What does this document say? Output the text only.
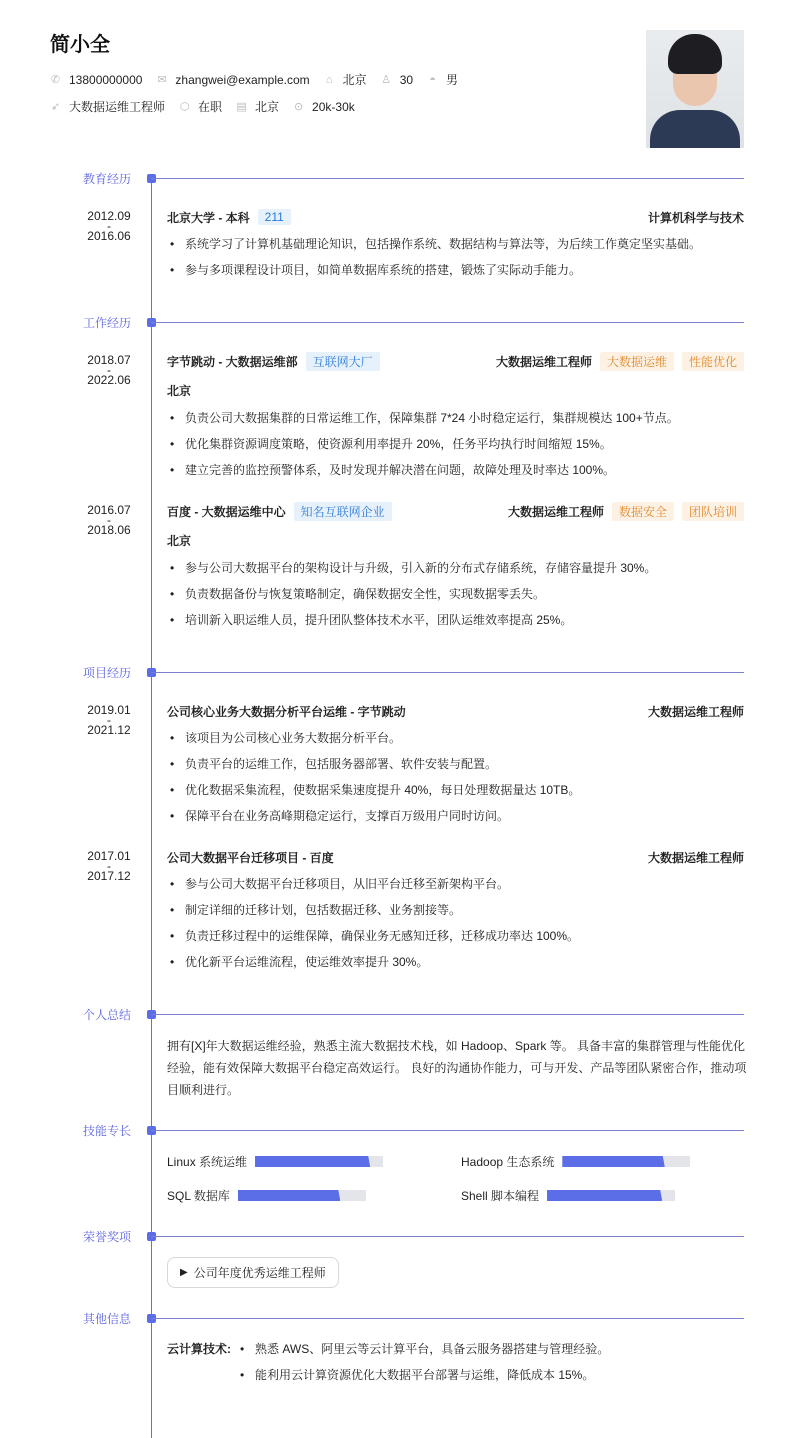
简小全
✆ 13800000000 ✉ zhangwei@example.com ⌂ 北京 ♙ 30 ◓ 男
➶ 大数据运维工程师 ⬡ 在职 ▤ 北京 ⊙ 20k-30k
教育经历
2012.09
-
2016.06
北京大学 - 本科	211	计算机科学与技术
• 系统学习了计算机基础理论知识，包括操作系统、数据结构与算法等，为后续工作奠定坚实基础。
• 参与多项课程设计项目，如简单数据库系统的搭建，锻炼了实际动手能力。
工作经历
2018.07
-
2022.06
字节跳动 - 大数据运维部	互联网大厂	大数据运维工程师	大数据运维	性能优化
北京
• 负责公司大数据集群的日常运维工作，保障集群 7*24 小时稳定运行，集群规模达 100+节点。
• 优化集群资源调度策略，使资源利用率提升 20%，任务平均执行时间缩短 15%。
• 建立完善的监控预警体系，及时发现并解决潜在问题，故障处理及时率达 100%。
2016.07
-
2018.06
百度 - 大数据运维中心	知名互联网企业	大数据运维工程师	数据安全	团队培训
北京
• 参与公司大数据平台的架构设计与升级，引入新的分布式存储系统，存储容量提升 30%。
• 负责数据备份与恢复策略制定，确保数据安全性，实现数据零丢失。
• 培训新入职运维人员，提升团队整体技术水平，团队运维效率提高 25%。
项目经历
2019.01
-
2021.12
公司核心业务大数据分析平台运维 - 字节跳动	大数据运维工程师
• 该项目为公司核心业务大数据分析平台。
• 负责平台的运维工作，包括服务器部署、软件安装与配置。
• 优化数据采集流程，使数据采集速度提升 40%，每日处理数据量达 10TB。
• 保障平台在业务高峰期稳定运行，支撑百万级用户同时访问。
2017.01
-
2017.12
公司大数据平台迁移项目 - 百度	大数据运维工程师
• 参与公司大数据平台迁移项目，从旧平台迁移至新架构平台。
• 制定详细的迁移计划，包括数据迁移、业务割接等。
• 负责迁移过程中的运维保障，确保业务无感知迁移，迁移成功率达 100%。
• 优化新平台运维流程，使运维效率提升 30%。
个人总结
技能专长
Linux 系统运维	Hadoop 生态系统
SQL 数据库	Shell 脚本编程
荣誉奖项
其他信息
拥有[X]年大数据运维经验，熟悉主流大数据技术栈，如 Hadoop、Spark 等。 具备丰富的集群管理与性能优化经验，能有效保障大数据平台稳定高效运行。 良好的沟通协作能力，可与开发、产品等团队紧密合作，推动项目顺利进行。
▶ 公司年度优秀运维工程师
云计算技术:	• 熟悉 AWS、阿里云等云计算平台，具备云服务器搭建与管理经验。
• 能利用云计算资源优化大数据平台部署与运维，降低成本 15%。
